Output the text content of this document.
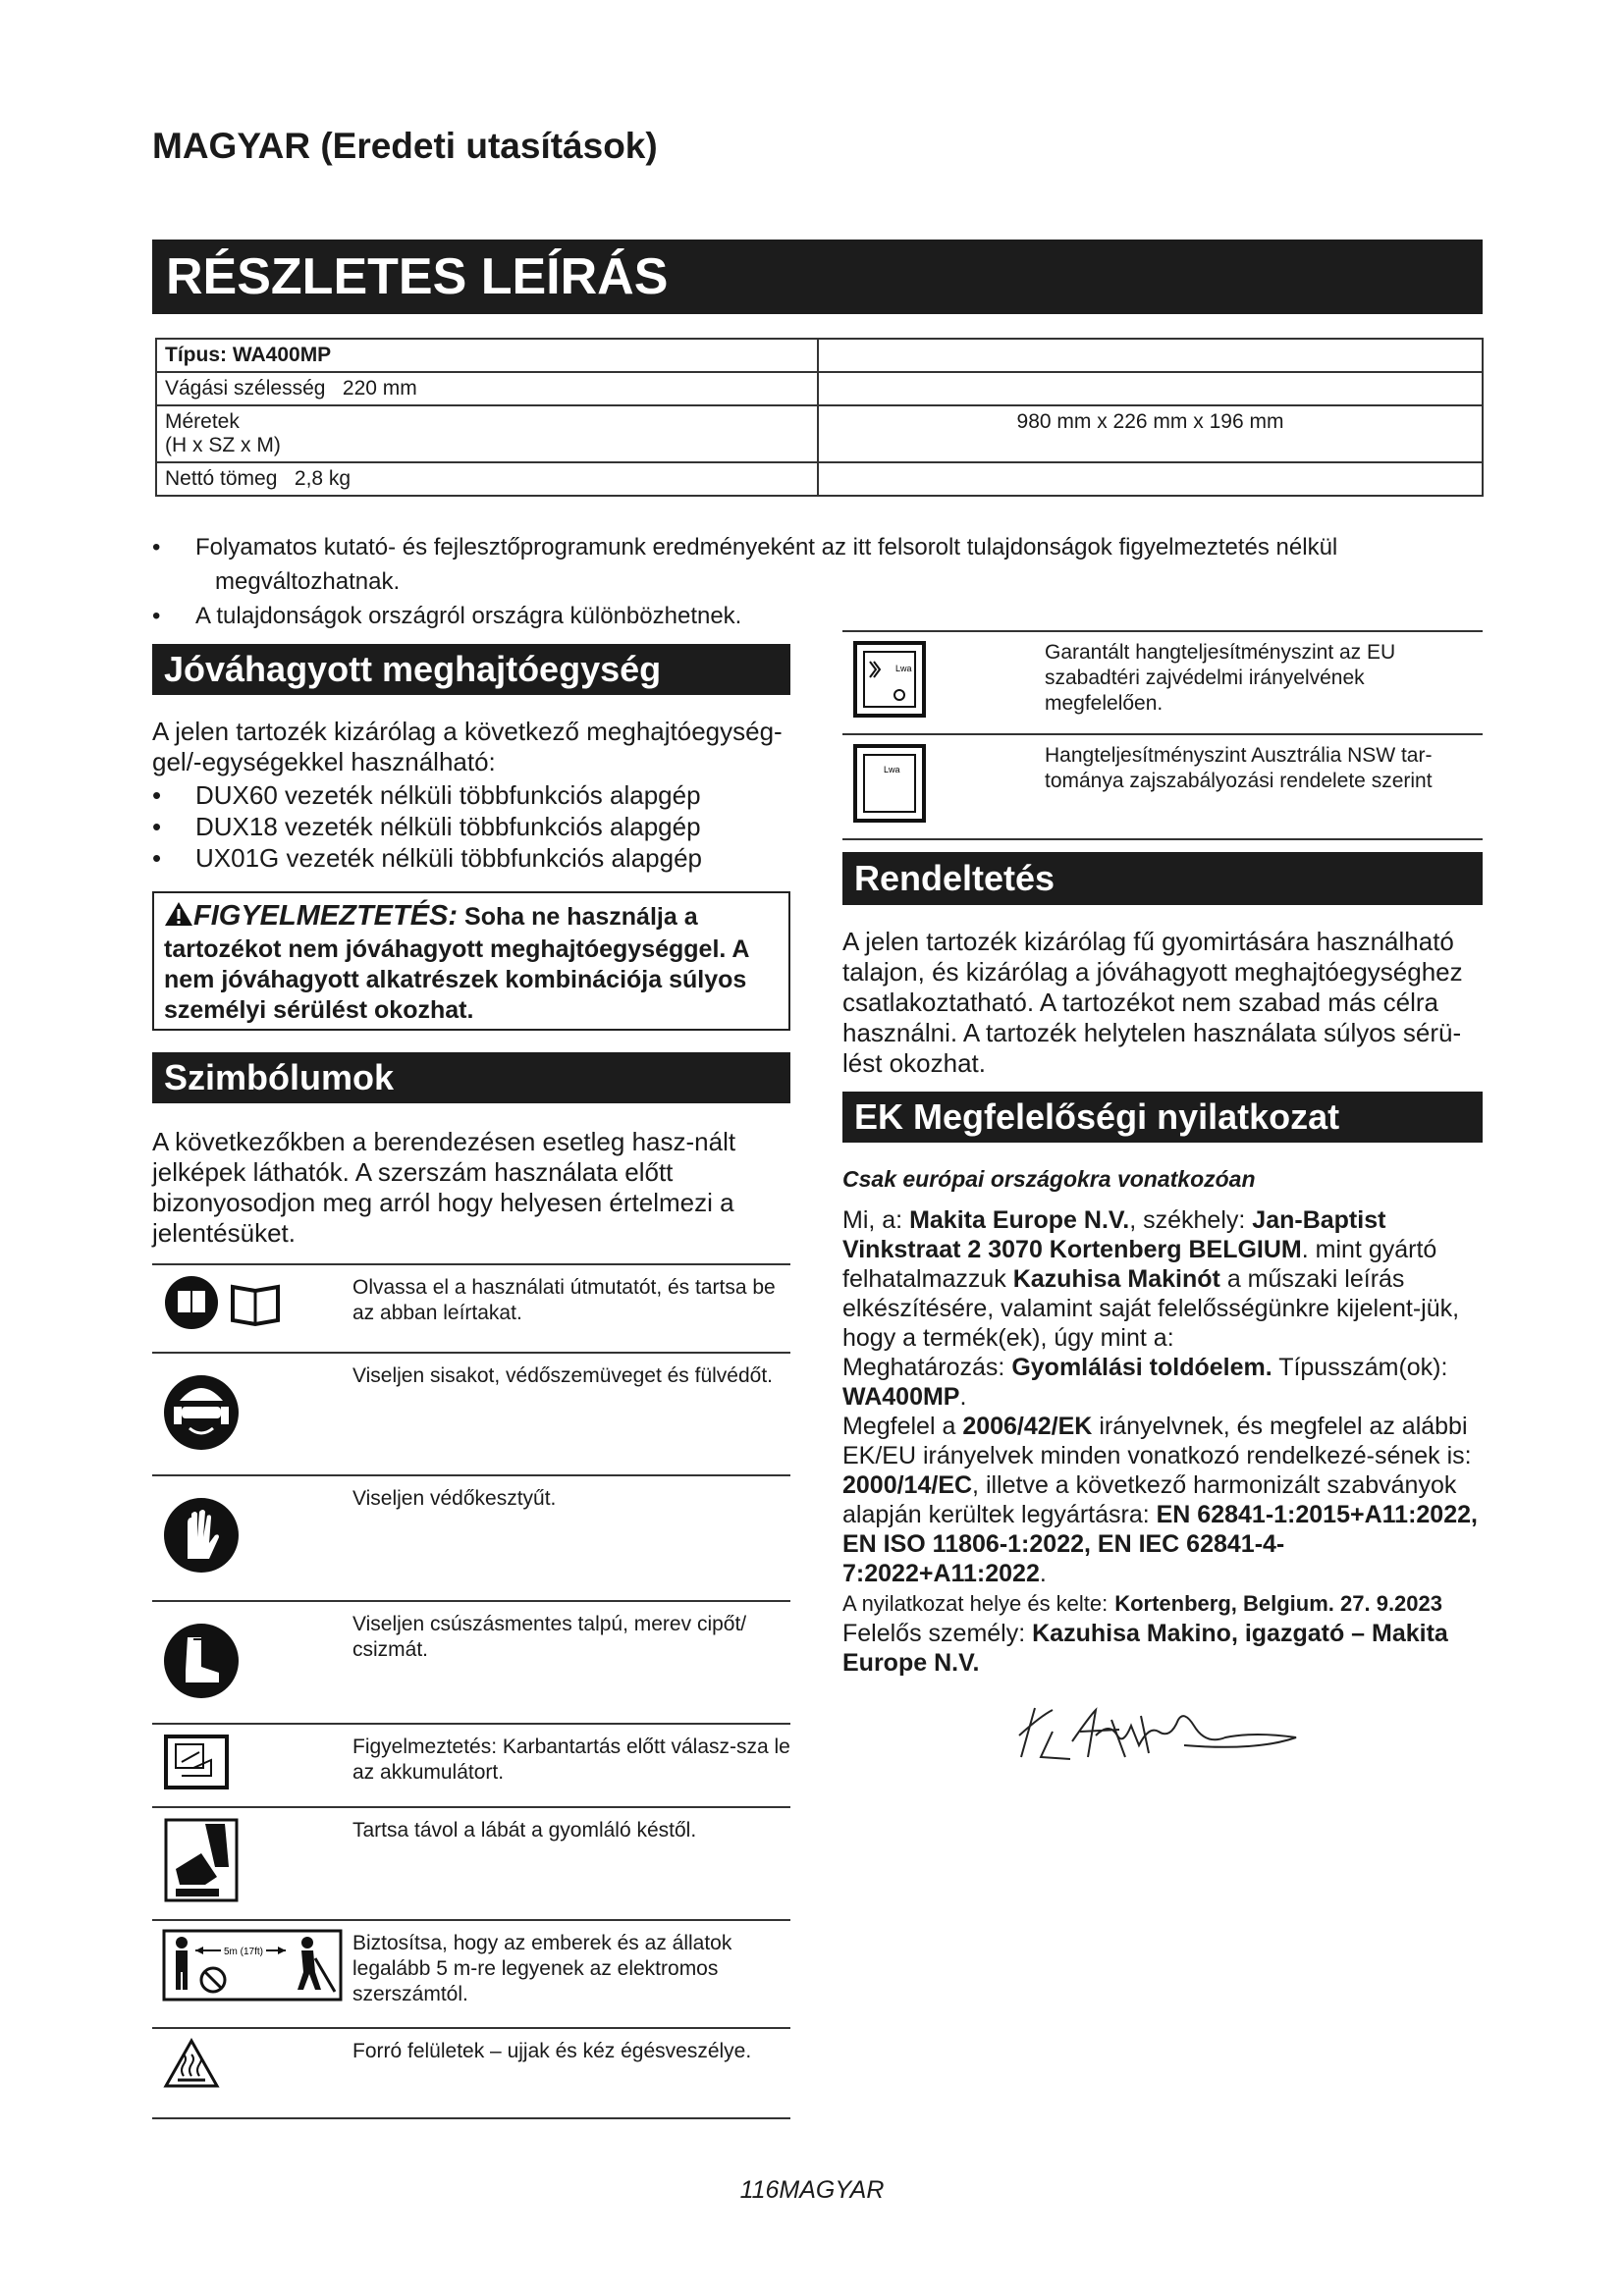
MAGYAR (Eredeti utasítások)
RÉSZLETES LEÍRÁS
Típus: WA400MP	
Vágási szélesség   220 mm	

Méretek
(H x SZ x M)	980 mm x 226 mm x 196 mm
Nettó tömeg   2,8 kg	
• Folyamatos kutató- és fejlesztőprogramunk eredményeként az itt felsorolt tulajdonságok figyelmeztetés nélkül
megváltozhatnak.
• A tulajdonságok országról országra különbözhetnek.
Jóváhagyott meghajtóegység
A jelen tartozék kizárólag a következő meghajtóegység-gel/-egységekkel használható:
• DUX60 vezeték nélküli többfunkciós alapgép
• DUX18 vezeték nélküli többfunkciós alapgép
• UX01G vezeték nélküli többfunkciós alapgép
FIGYELMEZTETÉS: Soha ne használja a tartozékot nem jóváhagyott meghajtóegységgel. A nem jóváhagyott alkatrészek kombinációja súlyos személyi sérülést okozhat.
Szimbólumok
A következőkben a berendezésen esetleg hasz-nált jelképek láthatók. A szerszám használata előtt bizonyosodjon meg arról hogy helyesen értelmezi a jelentésüket.
	Olvassa el a használati útmutatót, és tartsa be az abban leírtakat.
	Viseljen sisakot, védőszemüveget és fülvédőt.
	Viseljen védőkesztyűt.
	Viseljen csúszásmentes talpú, merev cipőt/ csizmát.
	Figyelmeztetés: Karbantartás előtt válasz-sza le az akkumulátort.
	Tartsa távol a lábát a gyomláló késtől.

5m (17ft)	Biztosítsa, hogy az emberek és az állatok legalább 5 m-re legyenek az elektromos szerszámtól.
	Forró felületek – ujjak és kéz égésveszélye.
Lwa	Garantált hangteljesítményszint az EU szabadtéri zajvédelmi irányelvének megfelelően.

Lwa	Hangteljesítményszint Ausztrália NSW tar-tománya zajszabályozási rendelete szerint
Rendeltetés
A jelen tartozék kizárólag fű gyomirtására használható talajon, és kizárólag a jóváhagyott meghajtóegységhez csatlakoztatható. A tartozékot nem szabad más célra használni. A tartozék helytelen használata súlyos sérü-lést okozhat.
EK Megfelelőségi nyilatkozat
Csak európai országokra vonatkozóan
Mi, a: Makita Europe N.V., székhely: Jan-Baptist Vinkstraat 2 3070 Kortenberg BELGIUM. mint gyártó felhatalmazzuk Kazuhisa Makinót a műszaki leírás elkészítésére, valamint saját felelősségünkre kijelent-jük, hogy a termék(ek), úgy mint a:
Meghatározás: Gyomlálási toldóelem. Típusszám(ok): WA400MP.
Megfelel a 2006/42/EK irányelvnek, és megfelel az alábbi EK/EU irányelvek minden vonatkozó rendelkezé-sének is: 2000/14/EC, illetve a következő harmonizált szabványok alapján kerültek legyártásra: EN 62841-1:2015+A11:2022, EN ISO 11806-1:2022, EN IEC 62841-4-7:2022+A11:2022.
A nyilatkozat helye és kelte: Kortenberg, Belgium. 27. 9.2023
Felelős személy: Kazuhisa Makino, igazgató – Makita Europe N.V.
116MAGYAR
